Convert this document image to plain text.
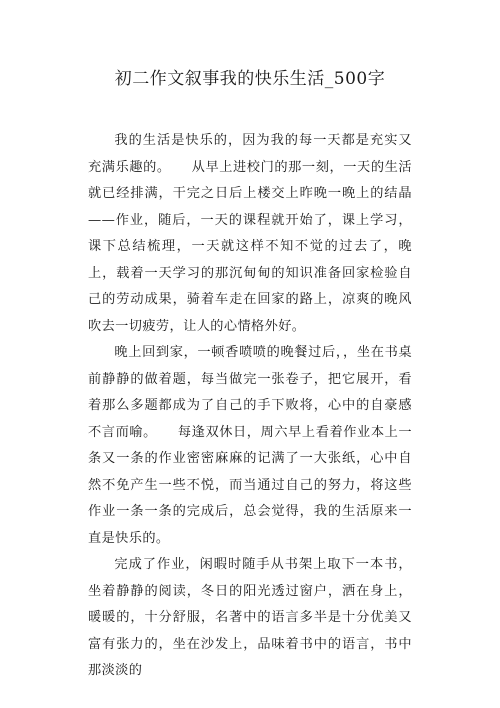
初二作文叙事我的快乐生活_500字

我的生活是快乐的，因为我的每一天都是充实又充满乐趣的。　　从早上进校门的那一刻，一天的生活就已经排满，干完之日后上楼交上昨晚一晚上的结晶——作业，随后，一天的课程就开始了，课上学习，课下总结梳理，一天就这样不知不觉的过去了，晚上，载着一天学习的那沉甸甸的知识准备回家检验自己的劳动成果，骑着车走在回家的路上，凉爽的晚风吹去一切疲劳，让人的心情格外好。

晚上回到家，一顿香喷喷的晚餐过后，，坐在书桌前静静的做着题，每当做完一张卷子，把它展开，看着那么多题都成为了自己的手下败将，心中的自豪感不言而喻。　　每逢双休日，周六早上看着作业本上一条又一条的作业密密麻麻的记满了一大张纸，心中自然不免产生一些不悦，而当通过自己的努力，将这些作业一条一条的完成后，总会觉得，我的生活原来一直是快乐的。

完成了作业，闲暇时随手从书架上取下一本书，坐着静静的阅读，冬日的阳光透过窗户，洒在身上，暖暖的，十分舒服，名著中的语言多半是十分优美又富有张力的，坐在沙发上，品味着书中的语言，书中那淡淡的
